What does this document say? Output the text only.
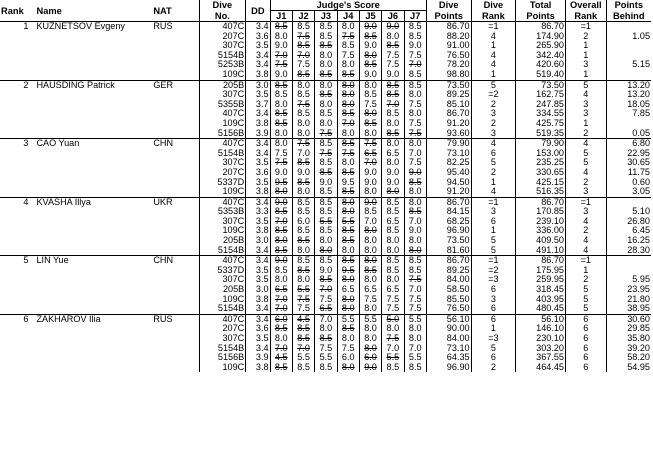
Rank	Name	NAT	Dive	DD	Judge's Score							Dive	Dive	Total	Overall	Points
			No.		J1	J2	J3	J4	J5	J6	J7	Points	Rank	Points	Rank	Behind
1	KUZNETSOV Evgeny	RUS	407C	3.4	8.5	8.5	8.5	8.0	9.0	9.0	8.5	86.70	=1	86.70	=1	
			207C	3.6	8.0	7.5	8.5	7.5	8.5	8.0	8.5	88.20	4	174.90	2	1.05
			307C	3.5	9.0	8.5	8.5	8.5	9.0	8.5	9.0	91.00	1	265.90	1	
			5154B	3.4	7.0	7.0	8.0	7.5	8.0	7.5	7.5	76.50	4	342.40	1	
			5253B	3.4	7.5	7.5	8.0	8.0	8.5	7.5	7.0	78.20	4	420.60	3	5.15
			109C	3.8	9.0	8.5	8.5	8.5	9.0	9.0	8.5	98.80	1	519.40	1	
2	HAUSDING Patrick	GER	205B	3.0	8.5	8.0	8.0	8.0	8.0	8.5	8.5	73.50	5	73.50	5	13.20
			307C	3.5	8.5	8.5	8.5	8.0	8.5	8.5	8.0	89.25	=2	162.75	4	13.20
			5355B	3.7	8.0	7.5	8.0	8.0	7.5	7.0	7.5	85.10	2	247.85	3	18.05
			407C	3.4	8.5	8.5	8.5	8.5	8.0	8.5	8.0	86.70	3	334.55	3	7.85
			109C	3.8	8.5	8.0	8.0	7.0	8.5	8.0	7.5	91.20	2	425.75	1	
			5156B	3.9	8.0	8.0	7.5	8.0	8.0	8.5	7.5	93.60	3	519.35	2	0.05
3	CAO Yuan	CHN	407C	3.4	8.0	7.5	8.5	8.5	7.5	8.0	8.0	79.90	4	79.90	4	6.80
			5154B	3.4	7.5	7.0	7.5	7.5	6.5	6.5	7.0	73.10	6	153.00	5	22.95
			307C	3.5	7.5	8.5	8.5	8.0	7.0	8.0	7.5	82.25	5	235.25	5	30.65
			207C	3.6	9.0	9.0	8.5	8.5	9.0	9.0	9.0	95.40	2	330.65	4	11.75
			5337D	3.5	9.5	8.5	9.0	9.5	9.0	9.0	8.5	94.50	1	425.15	2	0.60
			109C	3.8	8.0	8.0	8.5	8.5	8.0	8.0	8.0	91.20	4	516.35	3	3.05
4	KVASHA Illya	UKR	407C	3.4	9.0	8.5	8.5	8.0	9.0	8.5	8.0	86.70	=1	86.70	=1	
			5353B	3.3	8.5	8.5	8.5	8.0	8.5	8.5	8.5	84.15	3	170.85	3	5.10
			307C	3.5	7.0	6.0	5.5	5.5	7.0	6.5	7.0	68.25	6	239.10	4	26.80
			109C	3.8	8.5	8.5	8.5	8.5	8.0	8.5	9.0	96.90	1	336.00	2	6.45
			205B	3.0	8.0	8.5	8.0	8.5	8.0	8.0	8.0	73.50	5	409.50	4	16.25
			5154B	3.4	8.5	8.0	8.0	8.0	8.0	8.0	8.0	81.60	5	491.10	4	28.30
5	LIN Yue	CHN	407C	3.4	9.0	8.5	8.5	8.5	8.0	8.5	8.5	86.70	=1	86.70	=1	
			5337D	3.5	8.5	8.5	9.0	9.5	8.5	8.5	8.5	89.25	=2	175.95	1	
			307C	3.5	8.0	8.0	8.5	8.0	8.0	8.0	7.5	84.00	=3	259.95	2	5.95
			205B	3.0	6.5	5.5	7.0	6.5	6.5	6.5	7.0	58.50	6	318.45	5	23.95
			109C	3.8	7.0	7.5	7.5	8.0	7.5	7.5	7.5	85.50	3	403.95	5	21.80
			5154B	3.4	7.0	7.5	6.5	8.0	8.0	7.5	7.5	76.50	6	480.45	5	38.95
6	ZAKHAROV Ilia	RUS	407C	3.4	6.0	4.5	7.0	5.5	5.5	5.0	5.5	56.10	6	56.10	6	30.60
			207C	3.6	8.5	8.5	8.0	8.5	8.0	8.0	8.0	90.00	1	146.10	6	29.85
			307C	3.5	8.0	8.5	8.5	8.0	8.0	7.5	8.0	84.00	=3	230.10	6	35.80
			5154B	3.4	7.0	7.0	7.5	7.5	8.0	7.0	7.0	73.10	5	303.20	6	39.20
			5156B	3.9	4.5	5.5	5.5	6.0	6.0	5.5	5.5	64.35	6	367.55	6	58.20
			109C	3.8	8.5	8.5	8.5	8.0	9.0	8.5	8.5	96.90	2	464.45	6	54.95
